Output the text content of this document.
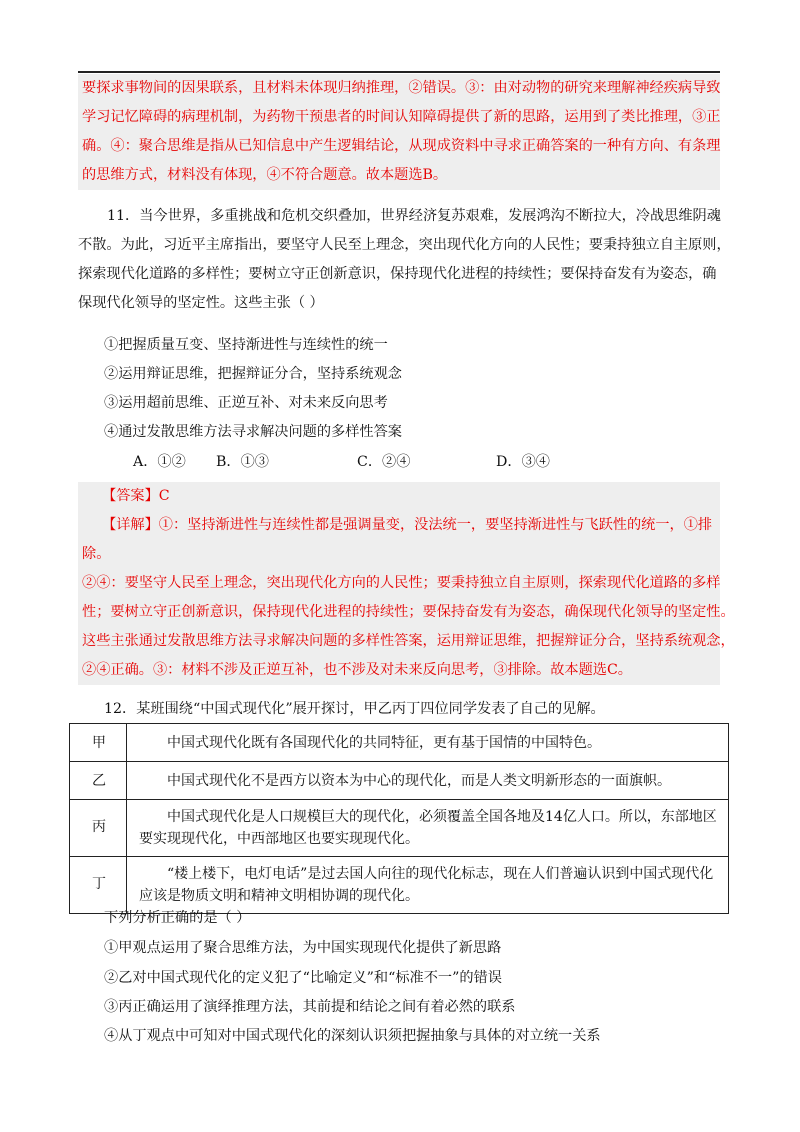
要探求事物间的因果联系，且材料未体现归纳推理，②错误。③：由对动物的研究来理解神经疾病导致
学习记忆障碍的病理机制，为药物干预患者的时间认知障碍提供了新的思路，运用到了类比推理，③正
确。④：聚合思维是指从已知信息中产生逻辑结论，从现成资料中寻求正确答案的一种有方向、有条理
的思维方式，材料没有体现，④不符合题意。故本题选B。
11．当今世界，多重挑战和危机交织叠加，世界经济复苏艰难，发展鸿沟不断拉大，冷战思维阴魂
不散。为此，习近平主席指出，要坚守人民至上理念，突出现代化方向的人民性；要秉持独立自主原则，
探索现代化道路的多样性；要树立守正创新意识，保持现代化进程的持续性；要保持奋发有为姿态，确
保现代化领导的坚定性。这些主张（ ）
①把握质量互变、坚持渐进性与连续性的统一
②运用辩证思维，把握辩证分合，坚持系统观念
③运用超前思维、正逆互补、对未来反向思考
④通过发散思维方法寻求解决问题的多样性答案
A．①② B．①③	C．②④	D．③④
【答案】C
【详解】①：坚持渐进性与连续性都是强调量变，没法统一，要坚持渐进性与飞跃性的统一，①排
除。
②④：要坚守人民至上理念，突出现代化方向的人民性；要秉持独立自主原则，探索现代化道路的多样
性；要树立守正创新意识，保持现代化进程的持续性；要保持奋发有为姿态，确保现代化领导的坚定性。
这些主张通过发散思维方法寻求解决问题的多样性答案，运用辩证思维，把握辩证分合，坚持系统观念，
②④正确。③：材料不涉及正逆互补，也不涉及对未来反向思考，③排除。故本题选C。
12．某班围绕“中国式现代化”展开探讨，甲乙丙丁四位同学发表了自己的见解。
甲	中国式现代化既有各国现代化的共同特征，更有基于国情的中国特色。

乙	中国式现代化不是西方以资本为中心的现代化，而是人类文明新形态的一面旗帜。

丙	中国式现代化是人口规模巨大的现代化，必须覆盖全国各地及14亿人口。所以，东部地区要实现现代化，中西部地区也要实现现代化。

丁	“楼上楼下，电灯电话”是过去国人向往的现代化标志，现在人们普遍认识到中国式现代化应该是物质文明和精神文明相协调的现代化。
下列分析正确的是（ ）
①甲观点运用了聚合思维方法，为中国实现现代化提供了新思路
②乙对中国式现代化的定义犯了“比喻定义”和“标准不一”的错误
③丙正确运用了演绎推理方法，其前提和结论之间有着必然的联系
④从丁观点中可知对中国式现代化的深刻认识须把握抽象与具体的对立统一关系
